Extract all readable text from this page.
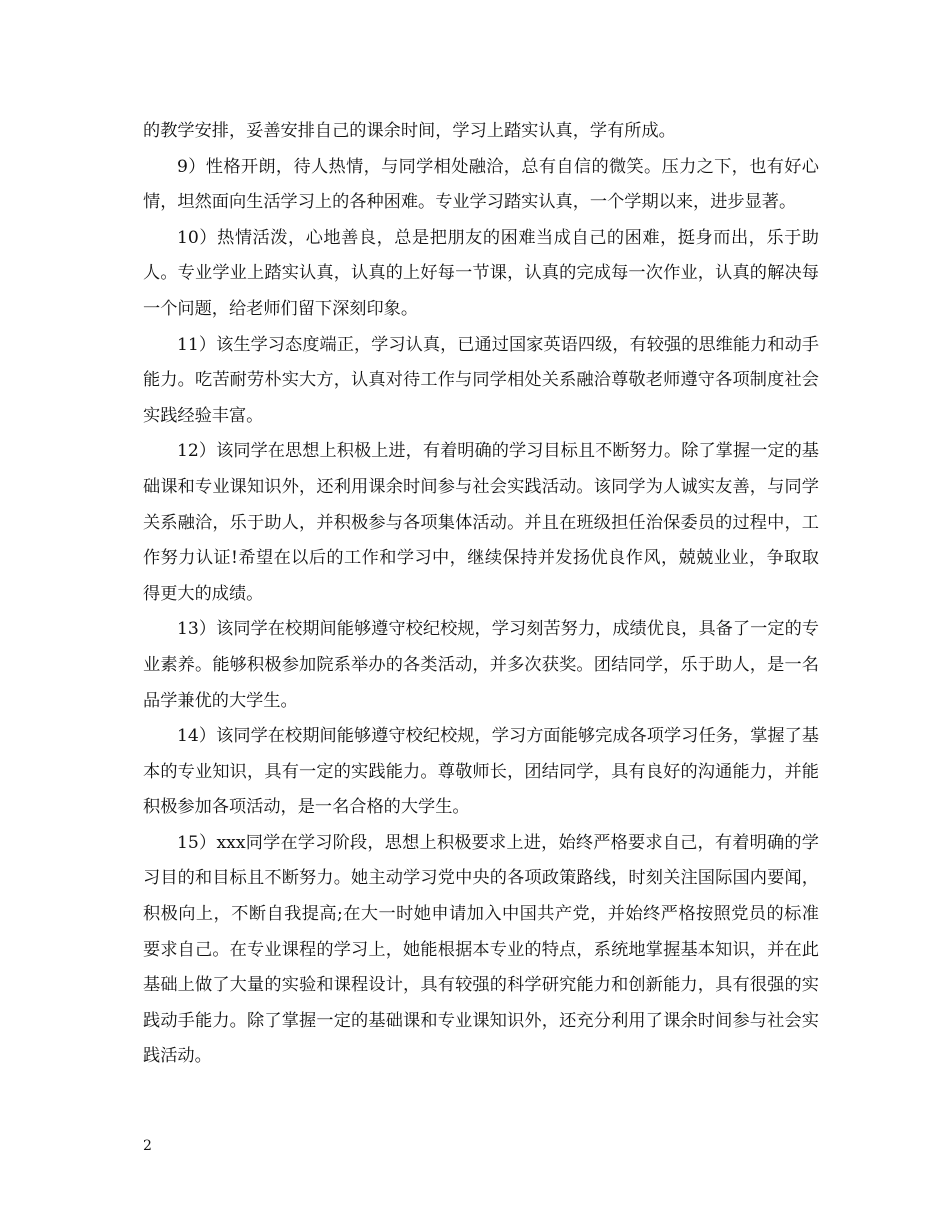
的教学安排，妥善安排自己的课余时间，学习上踏实认真，学有所成。

9）性格开朗，待人热情，与同学相处融洽，总有自信的微笑。压力之下，也有好心情，坦然面向生活学习上的各种困难。专业学习踏实认真，一个学期以来，进步显著。

10）热情活泼，心地善良，总是把朋友的困难当成自己的困难，挺身而出，乐于助人。专业学业上踏实认真，认真的上好每一节课，认真的完成每一次作业，认真的解决每一个问题，给老师们留下深刻印象。

11）该生学习态度端正，学习认真，已通过国家英语四级，有较强的思维能力和动手能力。吃苦耐劳朴实大方，认真对待工作与同学相处关系融洽尊敬老师遵守各项制度社会实践经验丰富。

12）该同学在思想上积极上进，有着明确的学习目标且不断努力。除了掌握一定的基础课和专业课知识外，还利用课余时间参与社会实践活动。该同学为人诚实友善，与同学关系融洽，乐于助人，并积极参与各项集体活动。并且在班级担任治保委员的过程中，工作努力认证!希望在以后的工作和学习中，继续保持并发扬优良作风，兢兢业业，争取取得更大的成绩。

13）该同学在校期间能够遵守校纪校规，学习刻苦努力，成绩优良，具备了一定的专业素养。能够积极参加院系举办的各类活动，并多次获奖。团结同学，乐于助人，是一名品学兼优的大学生。

14）该同学在校期间能够遵守校纪校规，学习方面能够完成各项学习任务，掌握了基本的专业知识，具有一定的实践能力。尊敬师长，团结同学，具有良好的沟通能力，并能积极参加各项活动，是一名合格的大学生。

15）xxx同学在学习阶段，思想上积极要求上进，始终严格要求自己，有着明确的学习目的和目标且不断努力。她主动学习党中央的各项政策路线，时刻关注国际国内要闻，积极向上，不断自我提高;在大一时她申请加入中国共产党，并始终严格按照党员的标准要求自己。在专业课程的学习上，她能根据本专业的特点，系统地掌握基本知识，并在此基础上做了大量的实验和课程设计，具有较强的科学研究能力和创新能力，具有很强的实践动手能力。除了掌握一定的基础课和专业课知识外，还充分利用了课余时间参与社会实践活动。

2
